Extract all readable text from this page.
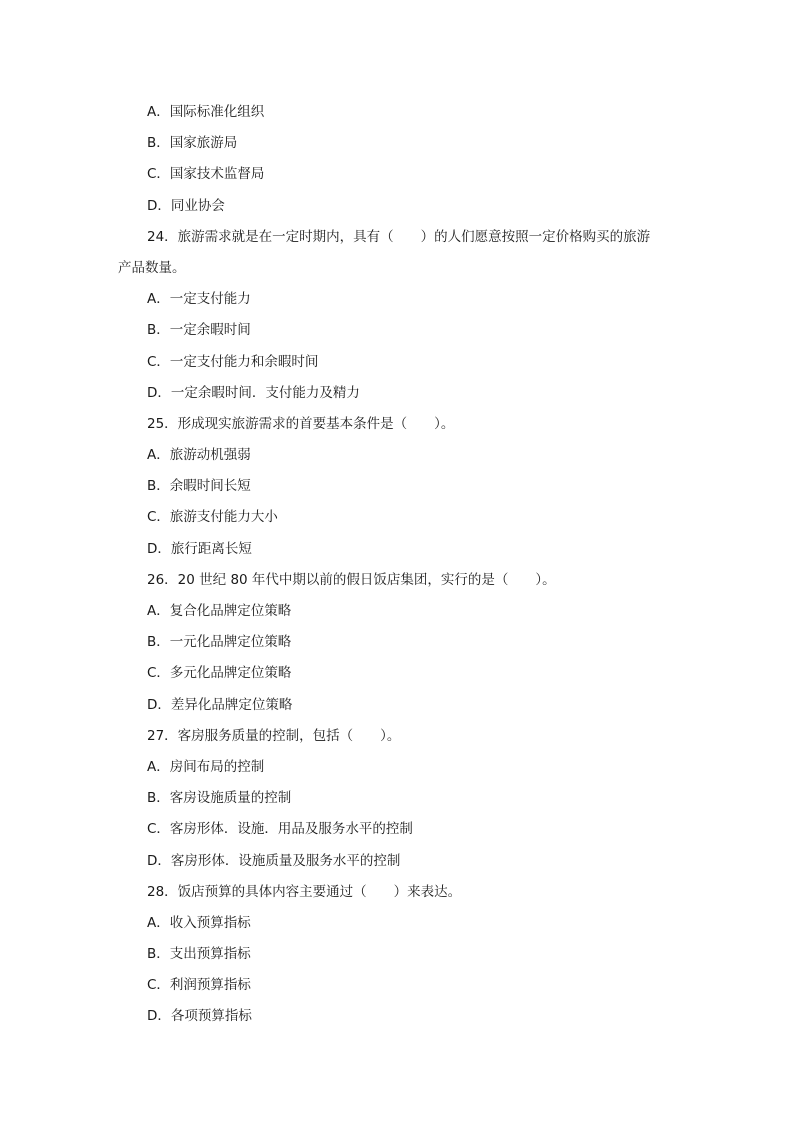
A．国际标准化组织
B．国家旅游局
C．国家技术监督局
D．同业协会
24．旅游需求就是在一定时期内，具有（　　）的人们愿意按照一定价格购买的旅游
产品数量。
A．一定支付能力
B．一定余暇时间
C．一定支付能力和余暇时间
D．一定余暇时间．支付能力及精力
25．形成现实旅游需求的首要基本条件是（　　）。
A．旅游动机强弱
B．余暇时间长短
C．旅游支付能力大小
D．旅行距离长短
26．20 世纪 80 年代中期以前的假日饭店集团，实行的是（　　）。
A．复合化品牌定位策略
B．一元化品牌定位策略
C．多元化品牌定位策略
D．差异化品牌定位策略
27．客房服务质量的控制，包括（　　）。
A．房间布局的控制
B．客房设施质量的控制
C．客房形体．设施．用品及服务水平的控制
D．客房形体．设施质量及服务水平的控制
28．饭店预算的具体内容主要通过（　　）来表达。
A．收入预算指标
B．支出预算指标
C．利润预算指标
D．各项预算指标
